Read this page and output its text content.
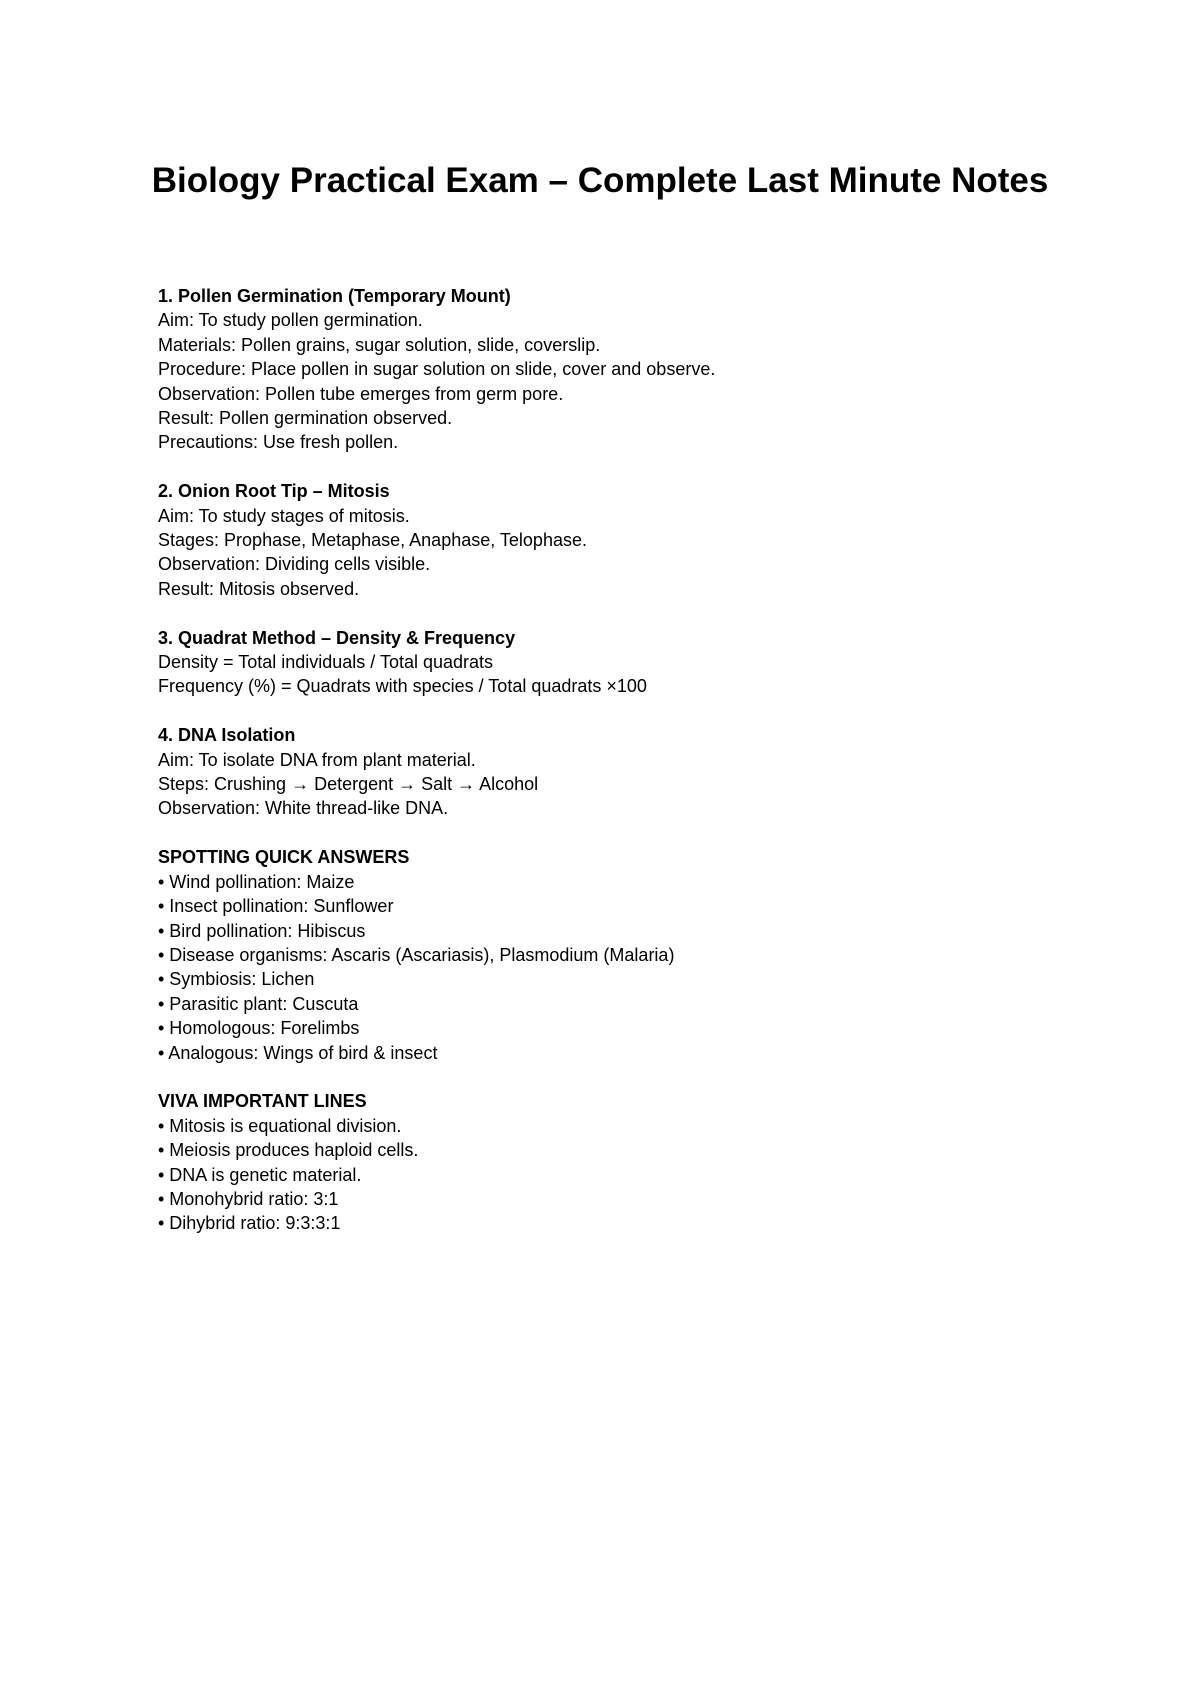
Biology Practical Exam – Complete Last Minute Notes

1. Pollen Germination (Temporary Mount)

Aim: To study pollen germination.

Materials: Pollen grains, sugar solution, slide, coverslip.

Procedure: Place pollen in sugar solution on slide, cover and observe.

Observation: Pollen tube emerges from germ pore.

Result: Pollen germination observed.

Precautions: Use fresh pollen.

2. Onion Root Tip – Mitosis

Aim: To study stages of mitosis.

Stages: Prophase, Metaphase, Anaphase, Telophase.

Observation: Dividing cells visible.

Result: Mitosis observed.

3. Quadrat Method – Density & Frequency

Density = Total individuals / Total quadrats

Frequency (%) = Quadrats with species / Total quadrats ×100

4. DNA Isolation

Aim: To isolate DNA from plant material.

Steps: Crushing → Detergent → Salt → Alcohol

Observation: White thread-like DNA.

SPOTTING QUICK ANSWERS

• Wind pollination: Maize

• Insect pollination: Sunflower

• Bird pollination: Hibiscus

• Disease organisms: Ascaris (Ascariasis), Plasmodium (Malaria)

• Symbiosis: Lichen

• Parasitic plant: Cuscuta

• Homologous: Forelimbs

• Analogous: Wings of bird & insect

VIVA IMPORTANT LINES

• Mitosis is equational division.

• Meiosis produces haploid cells.

• DNA is genetic material.

• Monohybrid ratio: 3:1

• Dihybrid ratio: 9:3:3:1
